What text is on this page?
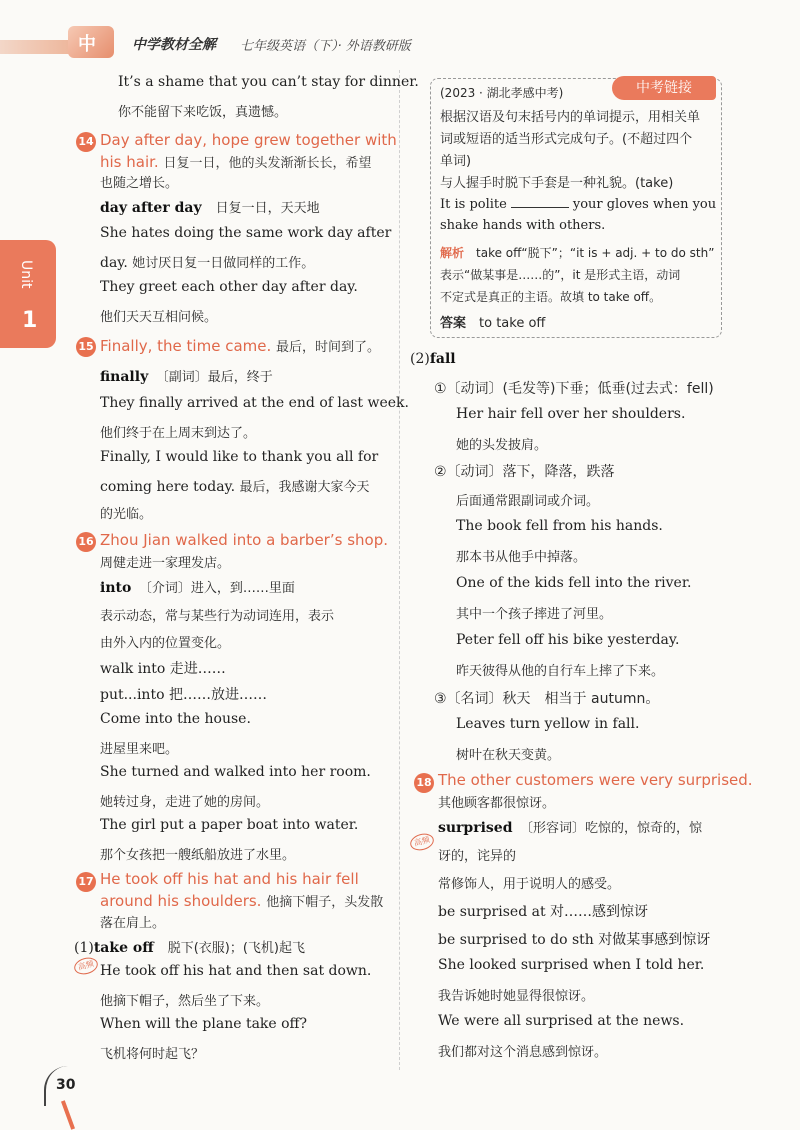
中	中学教材全解 七年级英语（下）· 外语教研版
Unit
1
It’s a shame that you can’t stay for dinner.
你不能留下来吃饭，真遗憾。
14 Day after day, hope grew together with
his hair. 日复一日，他的头发渐渐长长，希望
也随之增长。
day after day　 日复一日，天天地
She hates doing the same work day after
day. 她讨厌日复一日做同样的工作。
They greet each other day after day.
他们天天互相问候。
15 Finally, the time came. 最后，时间到了。
finally　 〔副词〕最后，终于
They finally arrived at the end of last week.
他们终于在上周末到达了。
Finally, I would like to thank you all for
coming here today. 最后，我感谢大家今天
的光临。
16 Zhou Jian walked into a barber’s shop.
周健走进一家理发店。
into　 〔介词〕进入，到……里面
表示动态，常与某些行为动词连用，表示
由外入内的位置变化。
walk into 走进……
put...into 把……放进……
Come into the house.
进屋里来吧。
She turned and walked into her room.
她转过身，走进了她的房间。
The girl put a paper boat into water.
那个女孩把一艘纸船放进了水里。
17 He took off his hat and his hair fell
around his shoulders. 他摘下帽子，头发散
落在肩上。
(1)take off　 脱下(衣服)；(飞机)起飞
高频 He took off his hat and then sat down.
他摘下帽子，然后坐了下来。
When will the plane take off?
飞机将何时起飞？
中考链接
(2023 · 湖北孝感中考)
根据汉语及句末括号内的单词提示，用相关单
词或短语的适当形式完成句子。(不超过四个
单词)
与人握手时脱下手套是一种礼貌。(take)
It is polite	your gloves when you
shake hands with others.
解析　 take off“脱下”；“it is + adj. + to do sth”
表示“做某事是……的”，it 是形式主语，动词
不定式是真正的主语。故填 to take off。
答案　 to take off
(2)fall
①〔动词〕(毛发等)下垂；低垂(过去式：fell)
Her hair fell over her shoulders.
她的头发披肩。
②〔动词〕落下，降落，跌落
后面通常跟副词或介词。
The book fell from his hands.
那本书从他手中掉落。
One of the kids fell into the river.
其中一个孩子摔进了河里。
Peter fell off his bike yesterday.
昨天彼得从他的自行车上摔了下来。
③〔名词〕秋天　相当于 autumn。
Leaves turn yellow in fall.
树叶在秋天变黄。
18 The other customers were very surprised.
其他顾客都很惊讶。
高频
surprised　 〔形容词〕吃惊的，惊奇的，惊
讶的，诧异的
常修饰人，用于说明人的感受。
be surprised at 对……感到惊讶
be surprised to do sth 对做某事感到惊讶
She looked surprised when I told her.
我告诉她时她显得很惊讶。
We were all surprised at the news.
我们都对这个消息感到惊讶。
30
